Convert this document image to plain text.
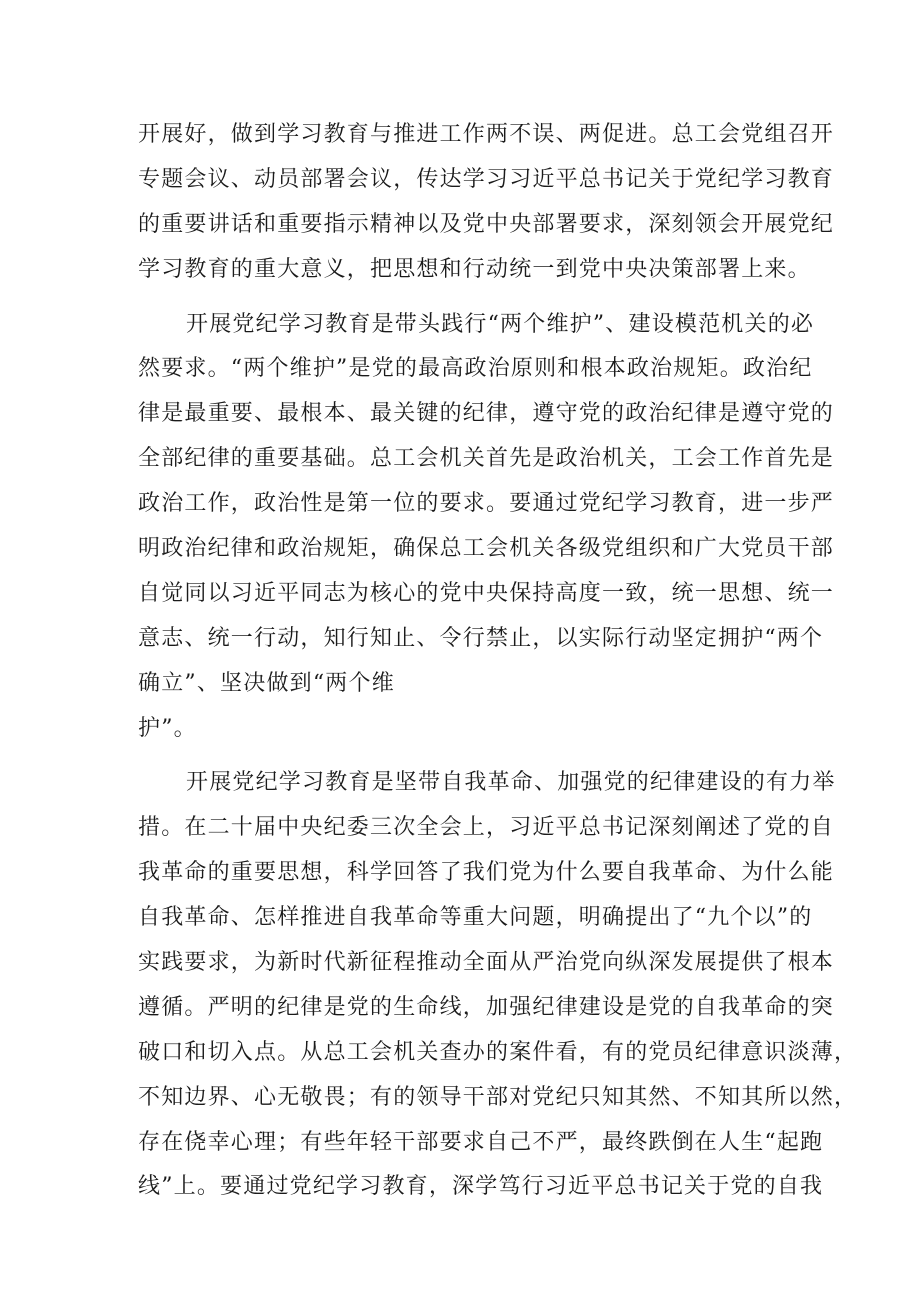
开展好，做到学习教育与推进工作两不误、两促进。总工会党组召开
专题会议、动员部署会议，传达学习习近平总书记关于党纪学习教育
的重要讲话和重要指示精神以及党中央部署要求，深刻领会开展党纪
学习教育的重大意义，把思想和行动统一到党中央决策部署上来。
开展党纪学习教育是带头践行“两个维护”、建设模范机关的必
然要求。“两个维护”是党的最高政治原则和根本政治规矩。政治纪
律是最重要、最根本、最关键的纪律，遵守党的政治纪律是遵守党的
全部纪律的重要基础。总工会机关首先是政治机关，工会工作首先是
政治工作，政治性是第一位的要求。要通过党纪学习教育，进一步严
明政治纪律和政治规矩，确保总工会机关各级党组织和广大党员干部
自觉同以习近平同志为核心的党中央保持高度一致，统一思想、统一
意志、统一行动，知行知止、令行禁止，以实际行动坚定拥护“两个
确立”、坚决做到“两个维
护”。
开展党纪学习教育是坚带自我革命、加强党的纪律建设的有力举
措。在二十届中央纪委三次全会上，习近平总书记深刻阐述了党的自
我革命的重要思想，科学回答了我们党为什么要自我革命、为什么能
自我革命、怎样推进自我革命等重大问题，明确提出了“九个以”的
实践要求，为新时代新征程推动全面从严治党向纵深发展提供了根本
遵循。严明的纪律是党的生命线，加强纪律建设是党的自我革命的突
破口和切入点。从总工会机关查办的案件看，有的党员纪律意识淡薄，
不知边界、心无敬畏；有的领导干部对党纪只知其然、不知其所以然，
存在侥幸心理；有些年轻干部要求自己不严，最终跌倒在人生“起跑
线”上。要通过党纪学习教育，深学笃行习近平总书记关于党的自我
